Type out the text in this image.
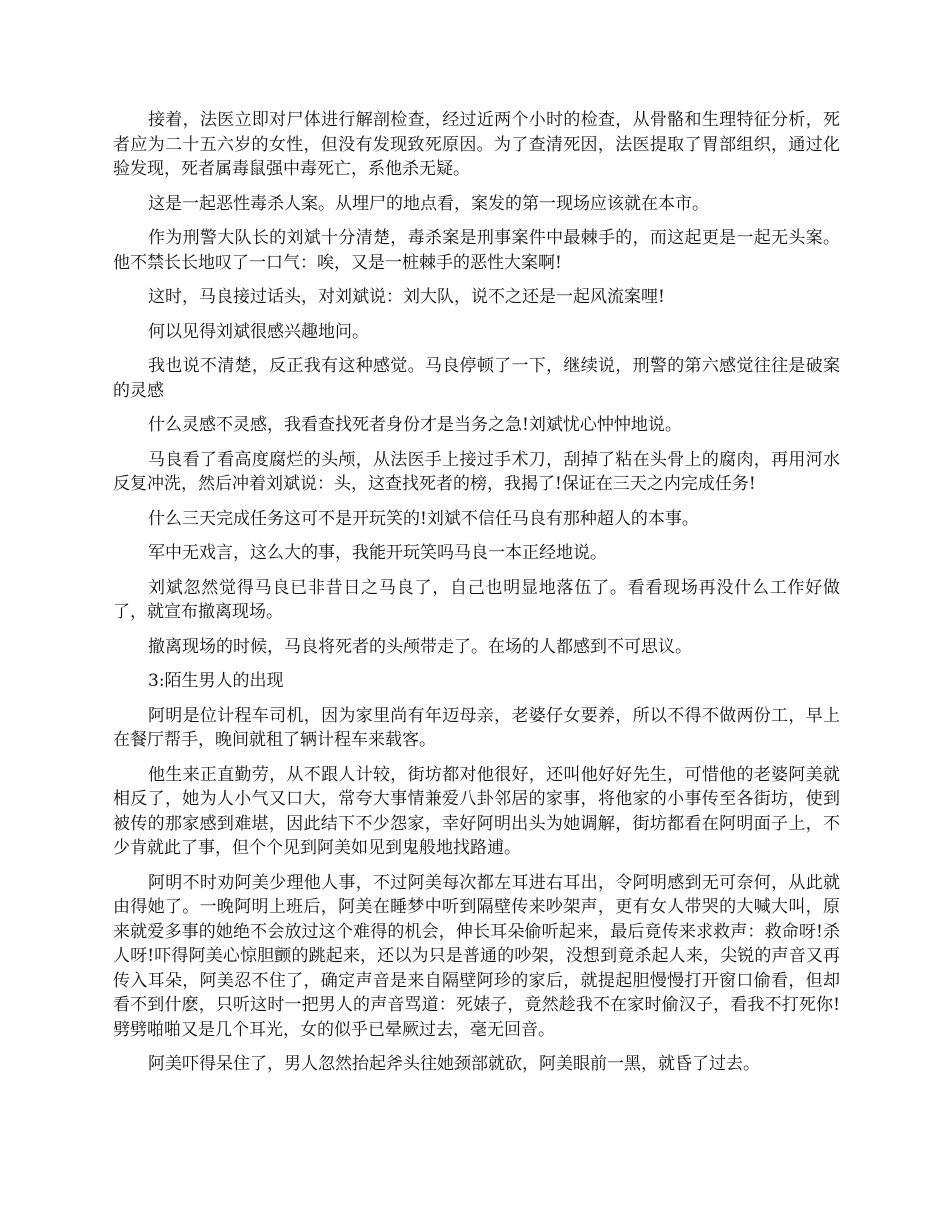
接着，法医立即对尸体进行解剖检查，经过近两个小时的检查，从骨骼和生理特征分析，死者应为二十五六岁的女性，但没有发现致死原因。为了查清死因，法医提取了胃部组织，通过化验发现，死者属毒鼠强中毒死亡，系他杀无疑。

这是一起恶性毒杀人案。从埋尸的地点看，案发的第一现场应该就在本市。

作为刑警大队长的刘斌十分清楚，毒杀案是刑事案件中最棘手的，而这起更是一起无头案。他不禁长长地叹了一口气：唉，又是一桩棘手的恶性大案啊!

这时，马良接过话头，对刘斌说：刘大队，说不之还是一起风流案哩!

何以见得刘斌很感兴趣地问。

我也说不清楚，反正我有这种感觉。马良停顿了一下，继续说，刑警的第六感觉往往是破案的灵感

什么灵感不灵感，我看查找死者身份才是当务之急!刘斌忧心忡忡地说。

马良看了看高度腐烂的头颅，从法医手上接过手术刀，刮掉了粘在头骨上的腐肉，再用河水反复冲洗，然后冲着刘斌说：头，这查找死者的榜，我揭了!保证在三天之内完成任务!

什么三天完成任务这可不是开玩笑的!刘斌不信任马良有那种超人的本事。

军中无戏言，这么大的事，我能开玩笑吗马良一本正经地说。

刘斌忽然觉得马良已非昔日之马良了，自己也明显地落伍了。看看现场再没什么工作好做了，就宣布撤离现场。

撤离现场的时候，马良将死者的头颅带走了。在场的人都感到不可思议。

3:陌生男人的出现

阿明是位计程车司机，因为家里尚有年迈母亲，老婆仔女要养，所以不得不做两份工，早上在餐厅帮手，晚间就租了辆计程车来载客。

他生来正直勤劳，从不跟人计较，街坊都对他很好，还叫他好好先生，可惜他的老婆阿美就相反了，她为人小气又口大，常夸大事情兼爱八卦邻居的家事，将他家的小事传至各街坊，使到被传的那家感到难堪，因此结下不少怨家，幸好阿明出头为她调解，街坊都看在阿明面子上，不少肯就此了事，但个个见到阿美如见到鬼般地找路逋。

阿明不时劝阿美少理他人事，不过阿美每次都左耳进右耳出，令阿明感到无可奈何，从此就由得她了。一晚阿明上班后，阿美在睡梦中听到隔壁传来吵架声，更有女人带哭的大喊大叫，原来就爱多事的她绝不会放过这个难得的机会，伸长耳朵偷听起来，最后竟传来求救声：救命呀!杀人呀!吓得阿美心惊胆颤的跳起来，还以为只是普通的吵架，没想到竟杀起人来，尖锐的声音又再传入耳朵，阿美忍不住了，确定声音是来自隔壁阿珍的家后，就提起胆慢慢打开窗口偷看，但却看不到什麽，只听这时一把男人的声音骂道：死婊子，竟然趁我不在家时偷汉子，看我不打死你!劈劈啪啪又是几个耳光，女的似乎已晕厥过去，毫无回音。

阿美吓得呆住了，男人忽然抬起斧头往她颈部就砍，阿美眼前一黑，就昏了过去。
